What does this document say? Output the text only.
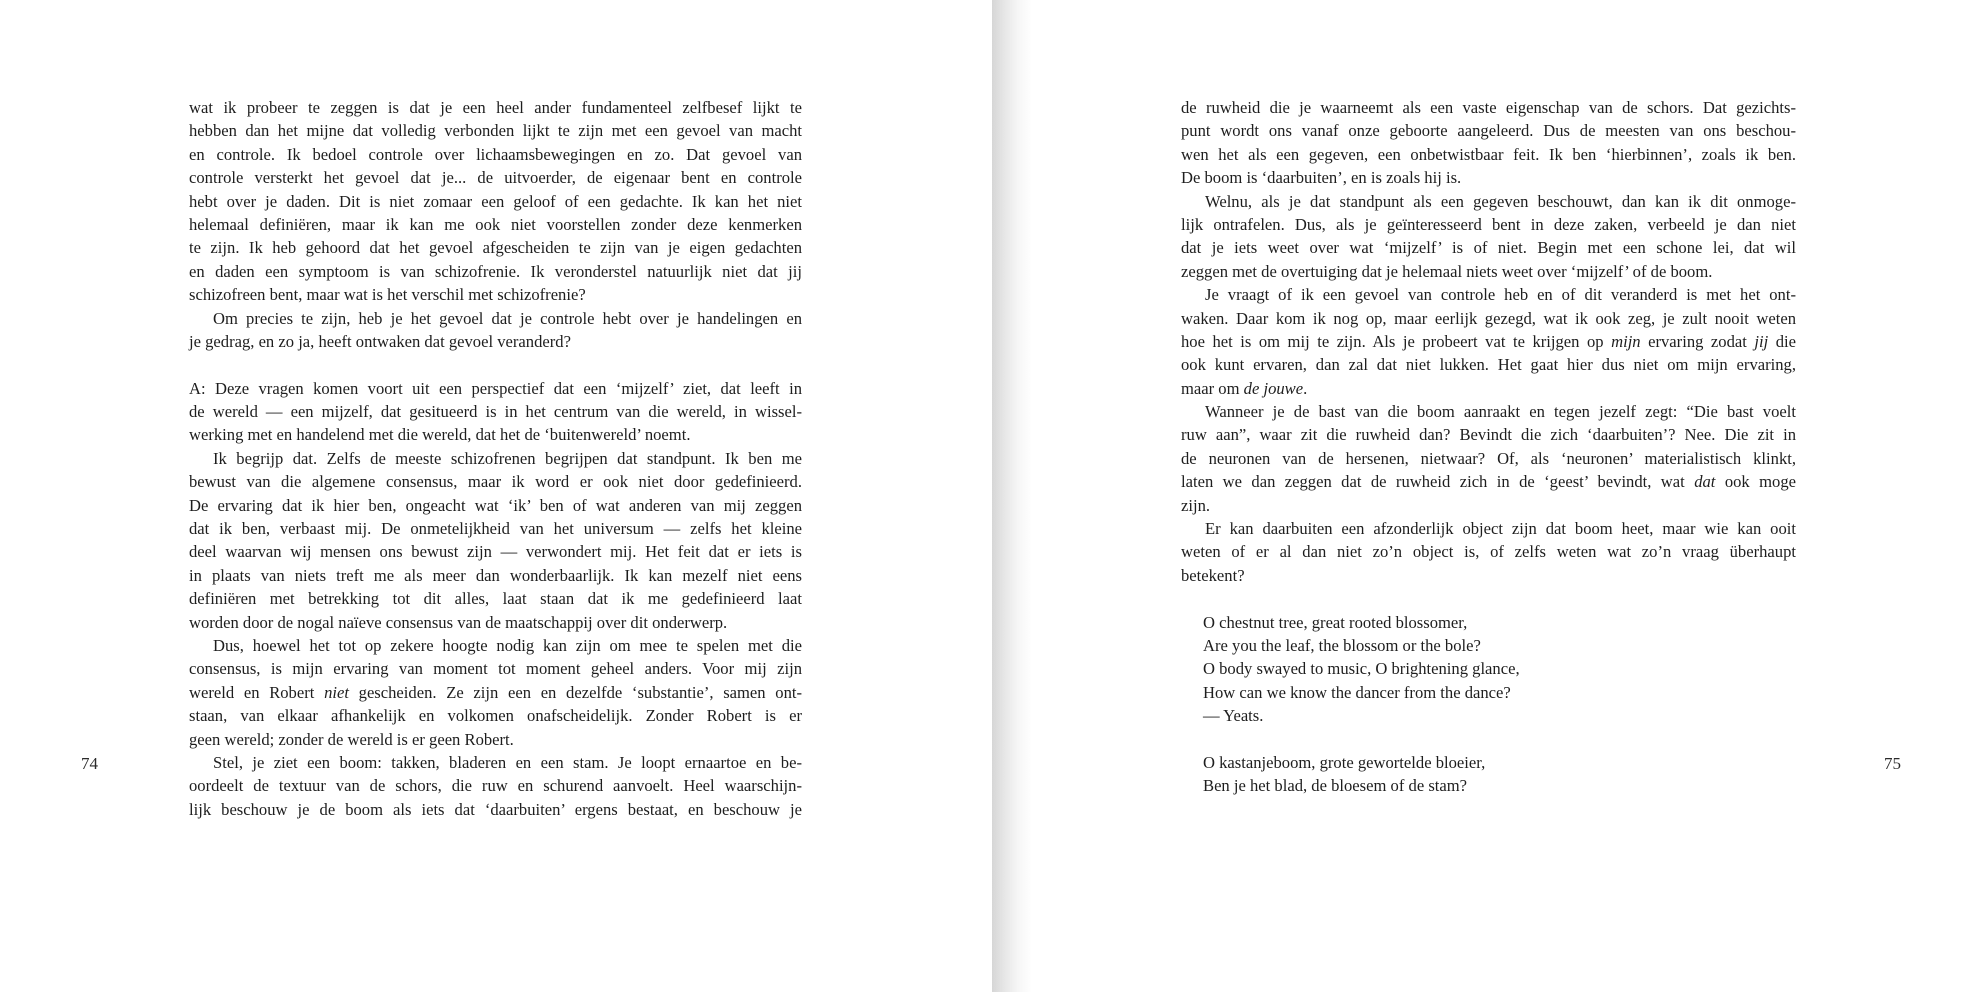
wat ik probeer te zeggen is dat je een heel ander fundamenteel zelfbesef lijkt te
hebben dan het mijne dat volledig verbonden lijkt te zijn met een gevoel van macht
en controle. Ik bedoel controle over lichaamsbewegingen en zo. Dat gevoel van
controle versterkt het gevoel dat je... de uitvoerder, de eigenaar bent en controle
hebt over je daden. Dit is niet zomaar een geloof of een gedachte. Ik kan het niet
helemaal definiëren, maar ik kan me ook niet voorstellen zonder deze kenmerken
te zijn. Ik heb gehoord dat het gevoel afgescheiden te zijn van je eigen gedachten
en daden een symptoom is van schizofrenie. Ik veronderstel natuurlijk niet dat jij
schizofreen bent, maar wat is het verschil met schizofrenie?
Om precies te zijn, heb je het gevoel dat je controle hebt over je handelingen en
je gedrag, en zo ja, heeft ontwaken dat gevoel veranderd?
A: Deze vragen komen voort uit een perspectief dat een ‘mijzelf’ ziet, dat leeft in
de wereld — een mijzelf, dat gesitueerd is in het centrum van die wereld, in wissel-
werking met en handelend met die wereld, dat het de ‘buitenwereld’ noemt.
Ik begrijp dat. Zelfs de meeste schizofrenen begrijpen dat standpunt. Ik ben me
bewust van die algemene consensus, maar ik word er ook niet door gedefinieerd.
De ervaring dat ik hier ben, ongeacht wat ‘ik’ ben of wat anderen van mij zeggen
dat ik ben, verbaast mij. De onmetelijkheid van het universum — zelfs het kleine
deel waarvan wij mensen ons bewust zijn — verwondert mij. Het feit dat er iets is
in plaats van niets treft me als meer dan wonderbaarlijk. Ik kan mezelf niet eens
definiëren met betrekking tot dit alles, laat staan dat ik me gedefinieerd laat
worden door de nogal naïeve consensus van de maatschappij over dit onderwerp.
Dus, hoewel het tot op zekere hoogte nodig kan zijn om mee te spelen met die
consensus, is mijn ervaring van moment tot moment geheel anders. Voor mij zijn
wereld en Robert niet gescheiden. Ze zijn een en dezelfde ‘substantie’, samen ont-
staan, van elkaar afhankelijk en volkomen onafscheidelijk. Zonder Robert is er
geen wereld; zonder de wereld is er geen Robert.
Stel, je ziet een boom: takken, bladeren en een stam. Je loopt ernaartoe en be-
oordeelt de textuur van de schors, die ruw en schurend aanvoelt. Heel waarschijn-
lijk beschouw je de boom als iets dat ‘daarbuiten’ ergens bestaat, en beschouw je
74
de ruwheid die je waarneemt als een vaste eigenschap van de schors. Dat gezichts-
punt wordt ons vanaf onze geboorte aangeleerd. Dus de meesten van ons beschou-
wen het als een gegeven, een onbetwistbaar feit. Ik ben ‘hierbinnen’, zoals ik ben.
De boom is ‘daarbuiten’, en is zoals hij is.
Welnu, als je dat standpunt als een gegeven beschouwt, dan kan ik dit onmoge-
lijk ontrafelen. Dus, als je geïnteresseerd bent in deze zaken, verbeeld je dan niet
dat je iets weet over wat ‘mijzelf’ is of niet. Begin met een schone lei, dat wil
zeggen met de overtuiging dat je helemaal niets weet over ‘mijzelf’ of de boom.
Je vraagt of ik een gevoel van controle heb en of dit veranderd is met het ont-
waken. Daar kom ik nog op, maar eerlijk gezegd, wat ik ook zeg, je zult nooit weten
hoe het is om mij te zijn. Als je probeert vat te krijgen op mijn ervaring zodat jij die
ook kunt ervaren, dan zal dat niet lukken. Het gaat hier dus niet om mijn ervaring,
maar om de jouwe.
Wanneer je de bast van die boom aanraakt en tegen jezelf zegt: “Die bast voelt
ruw aan”, waar zit die ruwheid dan? Bevindt die zich ‘daarbuiten’? Nee. Die zit in
de neuronen van de hersenen, nietwaar? Of, als ‘neuronen’ materialistisch klinkt,
laten we dan zeggen dat de ruwheid zich in de ‘geest’ bevindt, wat dat ook moge
zijn.
Er kan daarbuiten een afzonderlijk object zijn dat boom heet, maar wie kan ooit
weten of er al dan niet zo’n object is, of zelfs weten wat zo’n vraag überhaupt
betekent?
O chestnut tree, great rooted blossomer,
Are you the leaf, the blossom or the bole?
O body swayed to music, O brightening glance,
How can we know the dancer from the dance?
— Yeats.
O kastanjeboom, grote gewortelde bloeier,
Ben je het blad, de bloesem of de stam?
75
